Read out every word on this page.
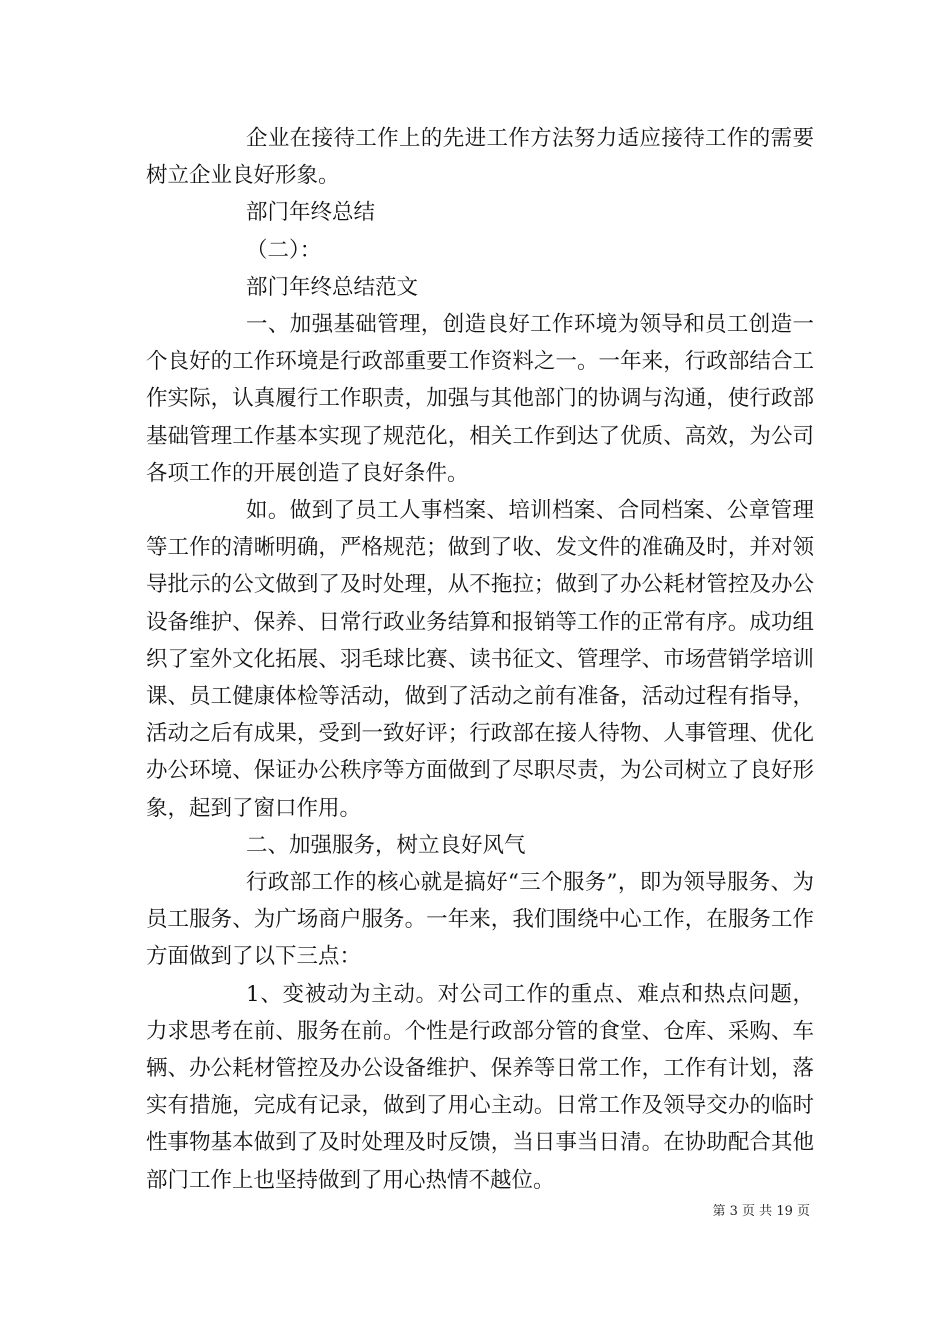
企业在接待工作上的先进工作方法努力适应接待工作的需要树立企业良好形象。

部门年终总结

（二）：

部门年终总结范文

一、加强基础管理，创造良好工作环境为领导和员工创造一个良好的工作环境是行政部重要工作资料之一。一年来，行政部结合工作实际，认真履行工作职责，加强与其他部门的协调与沟通，使行政部基础管理工作基本实现了规范化，相关工作到达了优质、高效，为公司各项工作的开展创造了良好条件。

如。做到了员工人事档案、培训档案、合同档案、公章管理等工作的清晰明确，严格规范；做到了收、发文件的准确及时，并对领导批示的公文做到了及时处理，从不拖拉；做到了办公耗材管控及办公设备维护、保养、日常行政业务结算和报销等工作的正常有序。成功组织了室外文化拓展、羽毛球比赛、读书征文、管理学、市场营销学培训课、员工健康体检等活动，做到了活动之前有准备，活动过程有指导，活动之后有成果，受到一致好评；行政部在接人待物、人事管理、优化办公环境、保证办公秩序等方面做到了尽职尽责，为公司树立了良好形象，起到了窗口作用。

二、加强服务，树立良好风气

行政部工作的核心就是搞好“三个服务”，即为领导服务、为员工服务、为广场商户服务。一年来，我们围绕中心工作，在服务工作方面做到了以下三点：

1、变被动为主动。对公司工作的重点、难点和热点问题，力求思考在前、服务在前。个性是行政部分管的食堂、仓库、采购、车辆、办公耗材管控及办公设备维护、保养等日常工作，工作有计划，落实有措施，完成有记录，做到了用心主动。日常工作及领导交办的临时性事物基本做到了及时处理及时反馈，当日事当日清。在协助配合其他部门工作上也坚持做到了用心热情不越位。

第 3 页 共 19 页
